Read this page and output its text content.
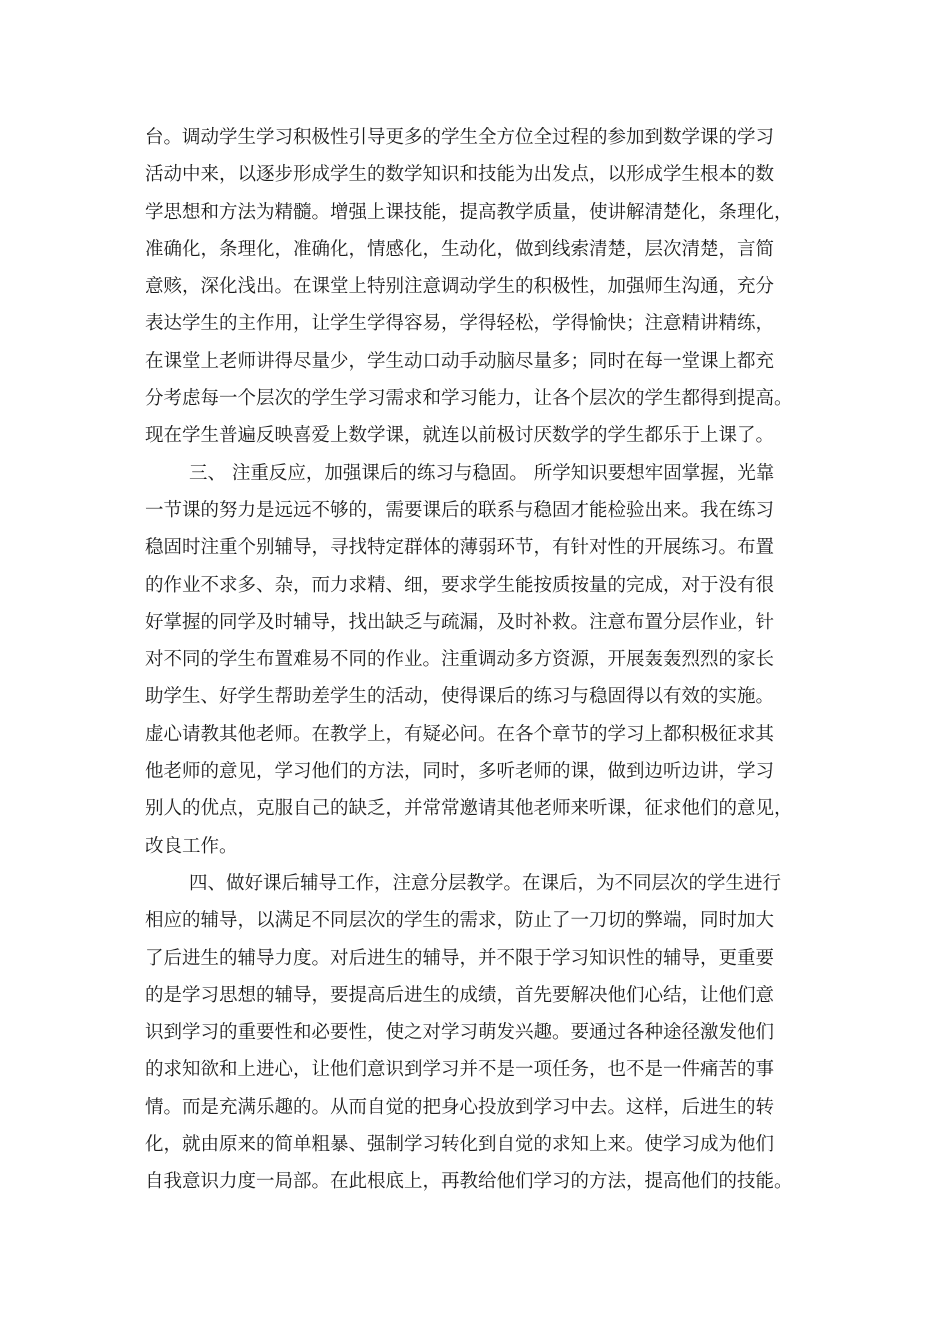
台。调动学生学习积极性引导更多的学生全方位全过程的参加到数学课的学习
活动中来，以逐步形成学生的数学知识和技能为出发点，以形成学生根本的数
学思想和方法为精髓。增强上课技能，提高教学质量，使讲解清楚化，条理化，
准确化，条理化，准确化，情感化，生动化，做到线索清楚，层次清楚，言简
意赅，深化浅出。在课堂上特别注意调动学生的积极性，加强师生沟通，充分
表达学生的主作用，让学生学得容易，学得轻松，学得愉快；注意精讲精练，
在课堂上老师讲得尽量少，学生动口动手动脑尽量多；同时在每一堂课上都充
分考虑每一个层次的学生学习需求和学习能力，让各个层次的学生都得到提高。
现在学生普遍反映喜爱上数学课，就连以前极讨厌数学的学生都乐于上课了。
三、 注重反应，加强课后的练习与稳固。 所学知识要想牢固掌握，光靠
一节课的努力是远远不够的，需要课后的联系与稳固才能检验出来。我在练习
稳固时注重个别辅导，寻找特定群体的薄弱环节，有针对性的开展练习。布置
的作业不求多、杂，而力求精、细，要求学生能按质按量的完成，对于没有很
好掌握的同学及时辅导，找出缺乏与疏漏，及时补救。注意布置分层作业，针
对不同的学生布置难易不同的作业。注重调动多方资源，开展轰轰烈烈的家长
助学生、好学生帮助差学生的活动，使得课后的练习与稳固得以有效的实施。
虚心请教其他老师。在教学上，有疑必问。在各个章节的学习上都积极征求其
他老师的意见，学习他们的方法，同时，多听老师的课，做到边听边讲，学习
别人的优点，克服自己的缺乏，并常常邀请其他老师来听课，征求他们的意见，
改良工作。
四、做好课后辅导工作，注意分层教学。在课后，为不同层次的学生进行
相应的辅导，以满足不同层次的学生的需求，防止了一刀切的弊端，同时加大
了后进生的辅导力度。对后进生的辅导，并不限于学习知识性的辅导，更重要
的是学习思想的辅导，要提高后进生的成绩，首先要解决他们心结，让他们意
识到学习的重要性和必要性，使之对学习萌发兴趣。要通过各种途径激发他们
的求知欲和上进心，让他们意识到学习并不是一项任务，也不是一件痛苦的事
情。而是充满乐趣的。从而自觉的把身心投放到学习中去。这样，后进生的转
化，就由原来的简单粗暴、强制学习转化到自觉的求知上来。使学习成为他们
自我意识力度一局部。在此根底上，再教给他们学习的方法，提高他们的技能。
